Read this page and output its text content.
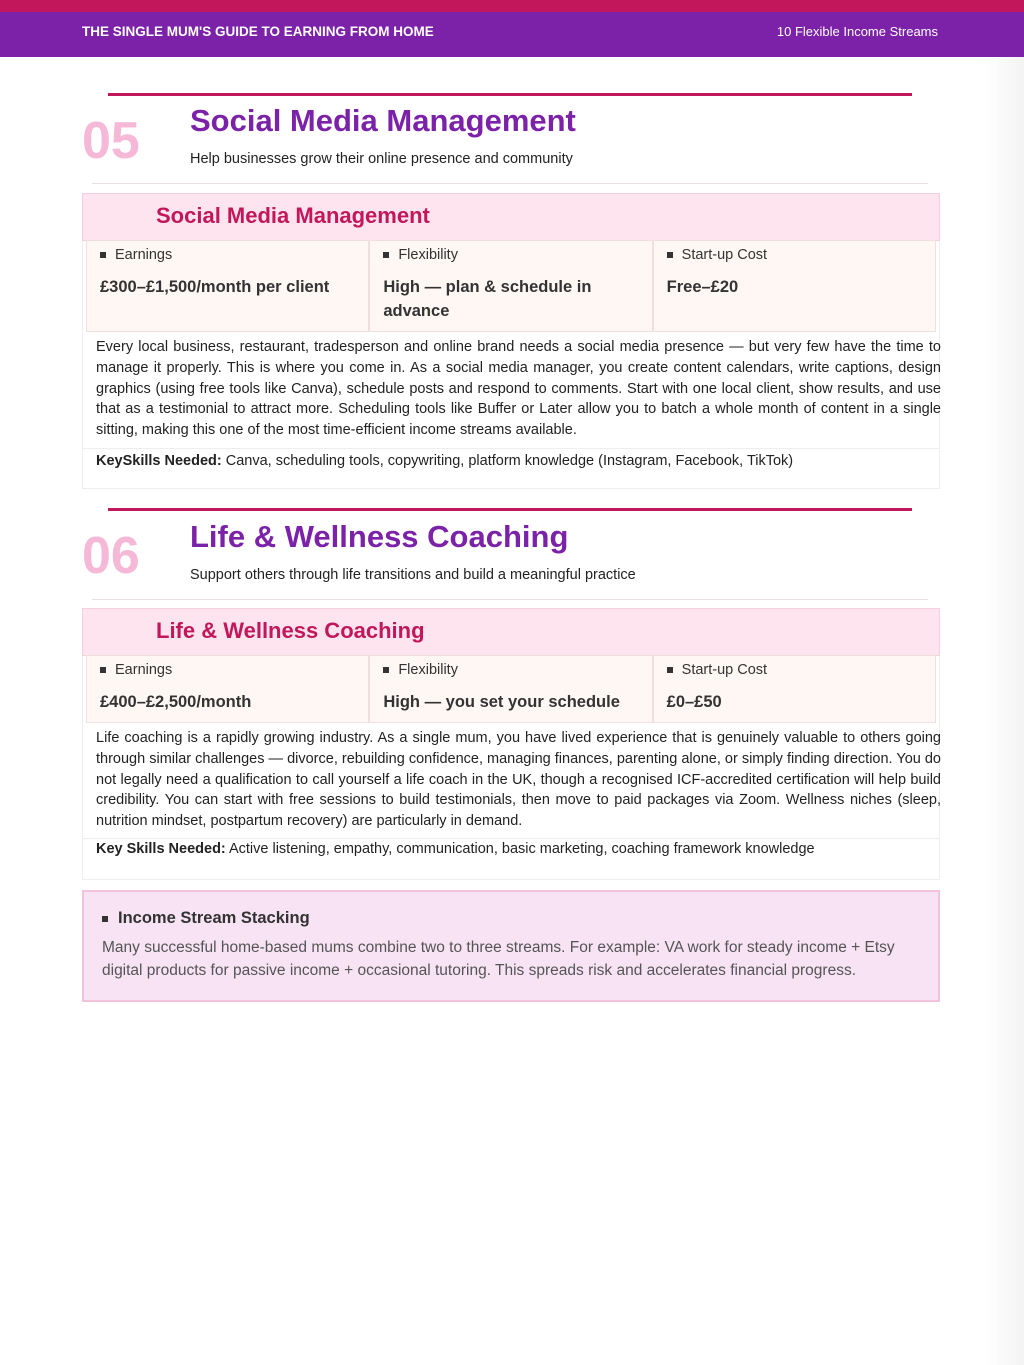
THE SINGLE MUM'S GUIDE TO EARNING FROM HOME	10 Flexible Income Streams
05 Social Media Management
Help businesses grow their online presence and community
Social Media Management
Earnings
£300–£1,500/month per client
Flexibility
High — plan & schedule in advance
Start-up Cost
Free–£20
Every local business, restaurant, tradesperson and online brand needs a social media presence — but very few have the time to manage it properly. This is where you come in. As a social media manager, you create content calendars, write captions, design graphics (using free tools like Canva), schedule posts and respond to comments. Start with one local client, show results, and use that as a testimonial to attract more. Scheduling tools like Buffer or Later allow you to batch a whole month of content in a single sitting, making this one of the most time-efficient income streams available.
KeySkills Needed: Canva, scheduling tools, copywriting, platform knowledge (Instagram, Facebook, TikTok)
06 Life & Wellness Coaching
Support others through life transitions and build a meaningful practice
Life & Wellness Coaching
Earnings
£400–£2,500/month
Flexibility
High — you set your schedule
Start-up Cost
£0–£50
Life coaching is a rapidly growing industry. As a single mum, you have lived experience that is genuinely valuable to others going through similar challenges — divorce, rebuilding confidence, managing finances, parenting alone, or simply finding direction. You do not legally need a qualification to call yourself a life coach in the UK, though a recognised ICF-accredited certification will help build credibility. You can start with free sessions to build testimonials, then move to paid packages via Zoom. Wellness niches (sleep, nutrition mindset, postpartum recovery) are particularly in demand.
Key Skills Needed: Active listening, empathy, communication, basic marketing, coaching framework knowledge
Income Stream Stacking
Many successful home-based mums combine two to three streams. For example: VA work for steady income + Etsy digital products for passive income + occasional tutoring. This spreads risk and accelerates financial progress.
